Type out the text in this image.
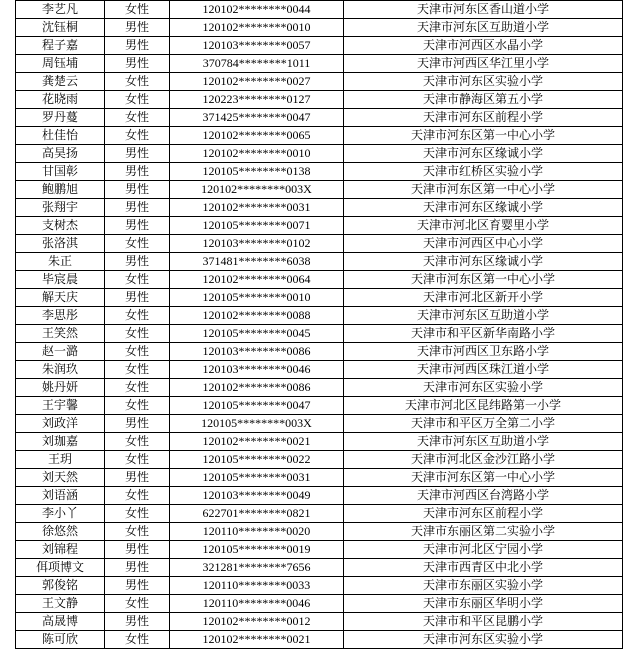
李艺凡	女性	120102********0044	天津市河东区香山道小学
沈钰桐	男性	120102********0010	天津市河东区互助道小学
程子嘉	男性	120103********0057	天津市河西区水晶小学
周钰埔	男性	370784********1011	天津市河西区华江里小学
龚楚云	女性	120102********0027	天津市河东区实验小学
花晓雨	女性	120223********0127	天津市静海区第五小学
罗丹蔓	女性	371425********0047	天津市河东区前程小学
杜佳怡	女性	120102********0065	天津市河东区第一中心小学
高昊扬	男性	120102********0010	天津市河东区缘诚小学
甘国彰	男性	120105********0138	天津市红桥区实验小学
鲍鹏旭	男性	120102********003X	天津市河东区第一中心小学
张翔宇	男性	120102********0031	天津市河东区缘诚小学
支树杰	男性	120105********0071	天津市河北区育婴里小学
张洛淇	女性	120103********0102	天津市河西区中心小学
朱正	男性	371481********6038	天津市河东区缘诚小学
毕宸晨	女性	120102********0064	天津市河东区第一中心小学
解天庆	男性	120105********0010	天津市河北区新开小学
李思彤	女性	120102********0088	天津市河东区互助道小学
王笑然	女性	120105********0045	天津市和平区新华南路小学
赵一潞	女性	120103********0086	天津市河西区卫东路小学
朱润玖	女性	120103********0046	天津市河西区珠江道小学
姚丹妍	女性	120102********0086	天津市河东区实验小学
王宇馨	女性	120105********0047	天津市河北区昆纬路第一小学
刘政洋	男性	120105********003X	天津市和平区万全第二小学
刘珈嘉	女性	120102********0021	天津市河东区互助道小学
王玥	女性	120105********0022	天津市河北区金沙江路小学
刘天然	男性	120105********0031	天津市河东区第一中心小学
刘语涵	女性	120103********0049	天津市河西区台湾路小学
李小丫	女性	622701********0821	天津市河东区前程小学
徐悠然	女性	120110********0020	天津市东丽区第二实验小学
刘锦程	男性	120105********0019	天津市河北区宁园小学
佴项博文	男性	321281********7656	天津市西青区中北小学
郭俊铭	男性	120110********0033	天津市东丽区实验小学
王文静	女性	120110********0046	天津市东丽区华明小学
高晟博	男性	120102********0012	天津市和平区昆鹏小学
陈可欣	女性	120102********0021	天津市河东区实验小学
